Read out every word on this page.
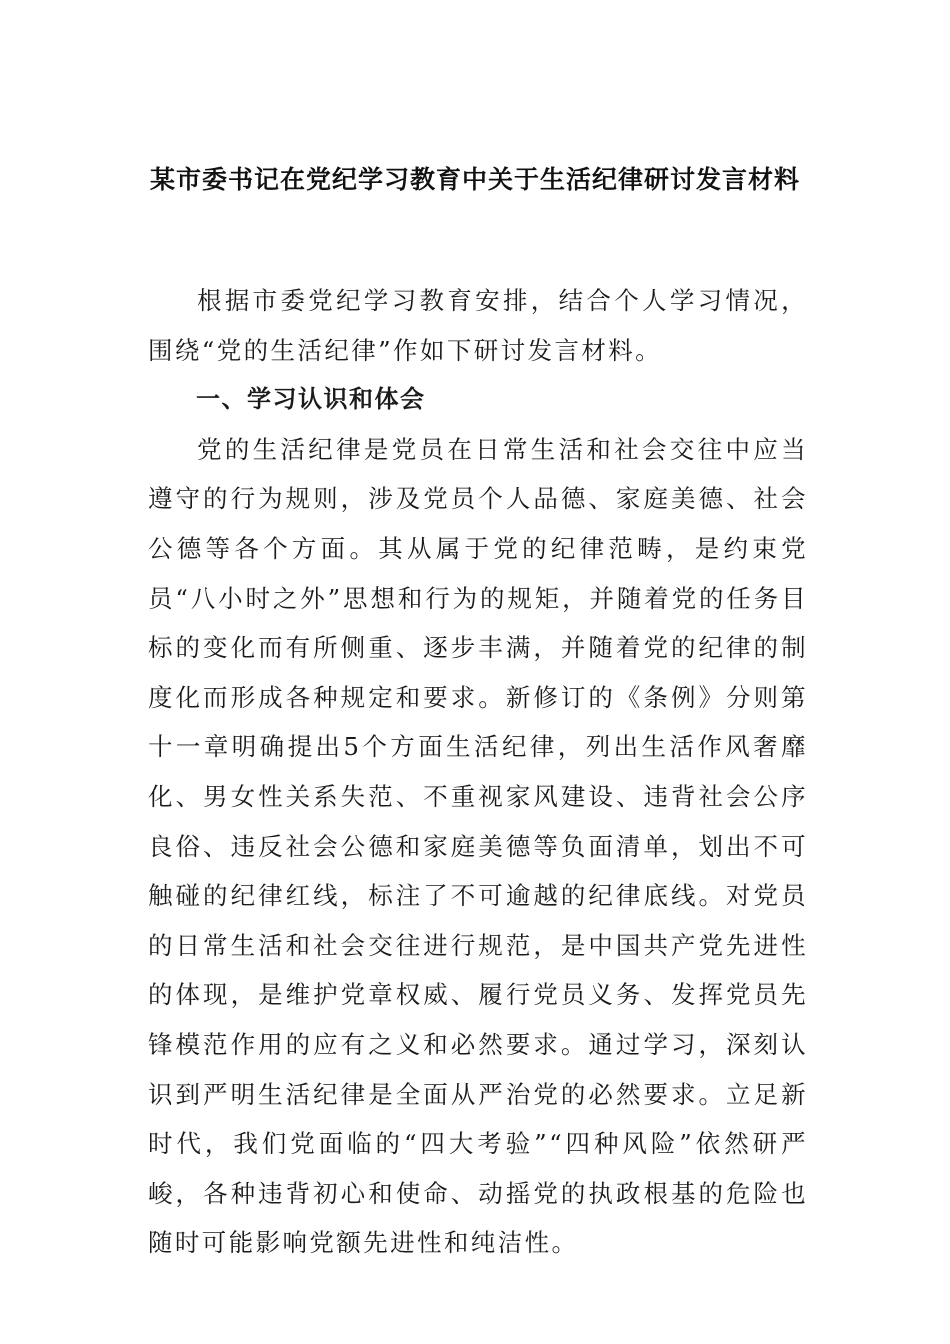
某市委书记在党纪学习教育中关于生活纪律研讨发言材料

根据市委党纪学习教育安排，结合个人学习情况，围绕“党的生活纪律”作如下研讨发言材料。

一、学习认识和体会

党的生活纪律是党员在日常生活和社会交往中应当遵守的行为规则，涉及党员个人品德、家庭美德、社会公德等各个方面。其从属于党的纪律范畴，是约束党员“八小时之外”思想和行为的规矩，并随着党的任务目标的变化而有所侧重、逐步丰满，并随着党的纪律的制度化而形成各种规定和要求。新修订的《条例》分则第十一章明确提出5个方面生活纪律，列出生活作风奢靡化、男女性关系失范、不重视家风建设、违背社会公序良俗、违反社会公德和家庭美德等负面清单，划出不可触碰的纪律红线，标注了不可逾越的纪律底线。对党员的日常生活和社会交往进行规范，是中国共产党先进性的体现，是维护党章权威、履行党员义务、发挥党员先锋模范作用的应有之义和必然要求。通过学习，深刻认识到严明生活纪律是全面从严治党的必然要求。立足新时代，我们党面临的“四大考验”“四种风险”依然研严峻，各种违背初心和使命、动摇党的执政根基的危险也随时可能影响党额先进性和纯洁性。
